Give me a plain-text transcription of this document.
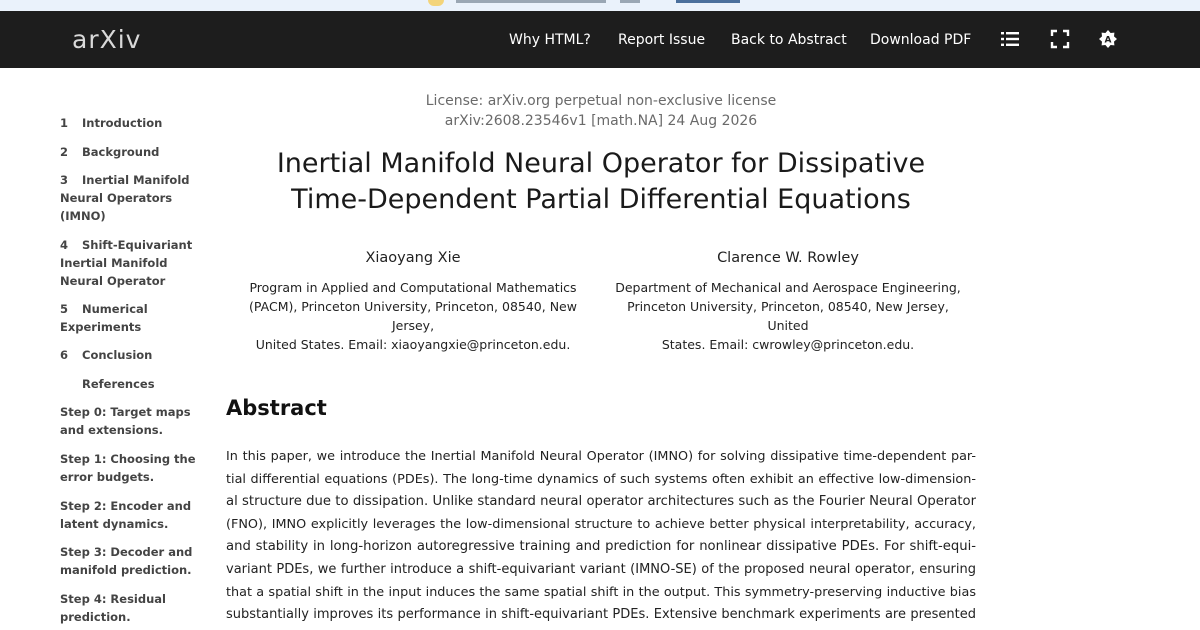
arXiv	Why HTML? Report Issue Back to Abstract Download PDF	A
1 Introduction
2 Background
3 Inertial Manifold
Neural Operators
(IMNO)
4 Shift-Equivariant
Inertial Manifold
Neural Operator
5 Numerical
Experiments
6 Conclusion
References
Step 0: Target maps
and extensions.
Step 1: Choosing the
error budgets.
Step 2: Encoder and
latent dynamics.
Step 3: Decoder and
manifold prediction.
Step 4: Residual
prediction.
License: arXiv.org perpetual non-exclusive license
arXiv:2608.23546v1 [math.NA] 24 Aug 2026
Inertial Manifold Neural Operator for Dissipative
Time-Dependent Partial Differential Equations
Xiaoyang Xie
Program in Applied and Computational Mathematics
(PACM), Princeton University, Princeton, 08540, New Jersey,
United States. Email: xiaoyangxie@princeton.edu.
Clarence W. Rowley
Department of Mechanical and Aerospace Engineering,
Princeton University, Princeton, 08540, New Jersey, United
States. Email: cwrowley@princeton.edu.
Abstract
In this paper, we introduce the Inertial Manifold Neural Operator (IMNO) for solving dissipative time-dependent par-
tial differential equations (PDEs). The long-time dynamics of such systems often exhibit an effective low-dimension-
al structure due to dissipation. Unlike standard neural operator architectures such as the Fourier Neural Operator
(FNO), IMNO explicitly leverages the low-dimensional structure to achieve better physical interpretability, accuracy,
and stability in long-horizon autoregressive training and prediction for nonlinear dissipative PDEs. For shift-equi-
variant PDEs, we further introduce a shift-equivariant variant (IMNO-SE) of the proposed neural operator, ensuring
that a spatial shift in the input induces the same spatial shift in the output. This symmetry-preserving inductive bias
substantially improves its performance in shift-equivariant PDEs. Extensive benchmark experiments are presented
